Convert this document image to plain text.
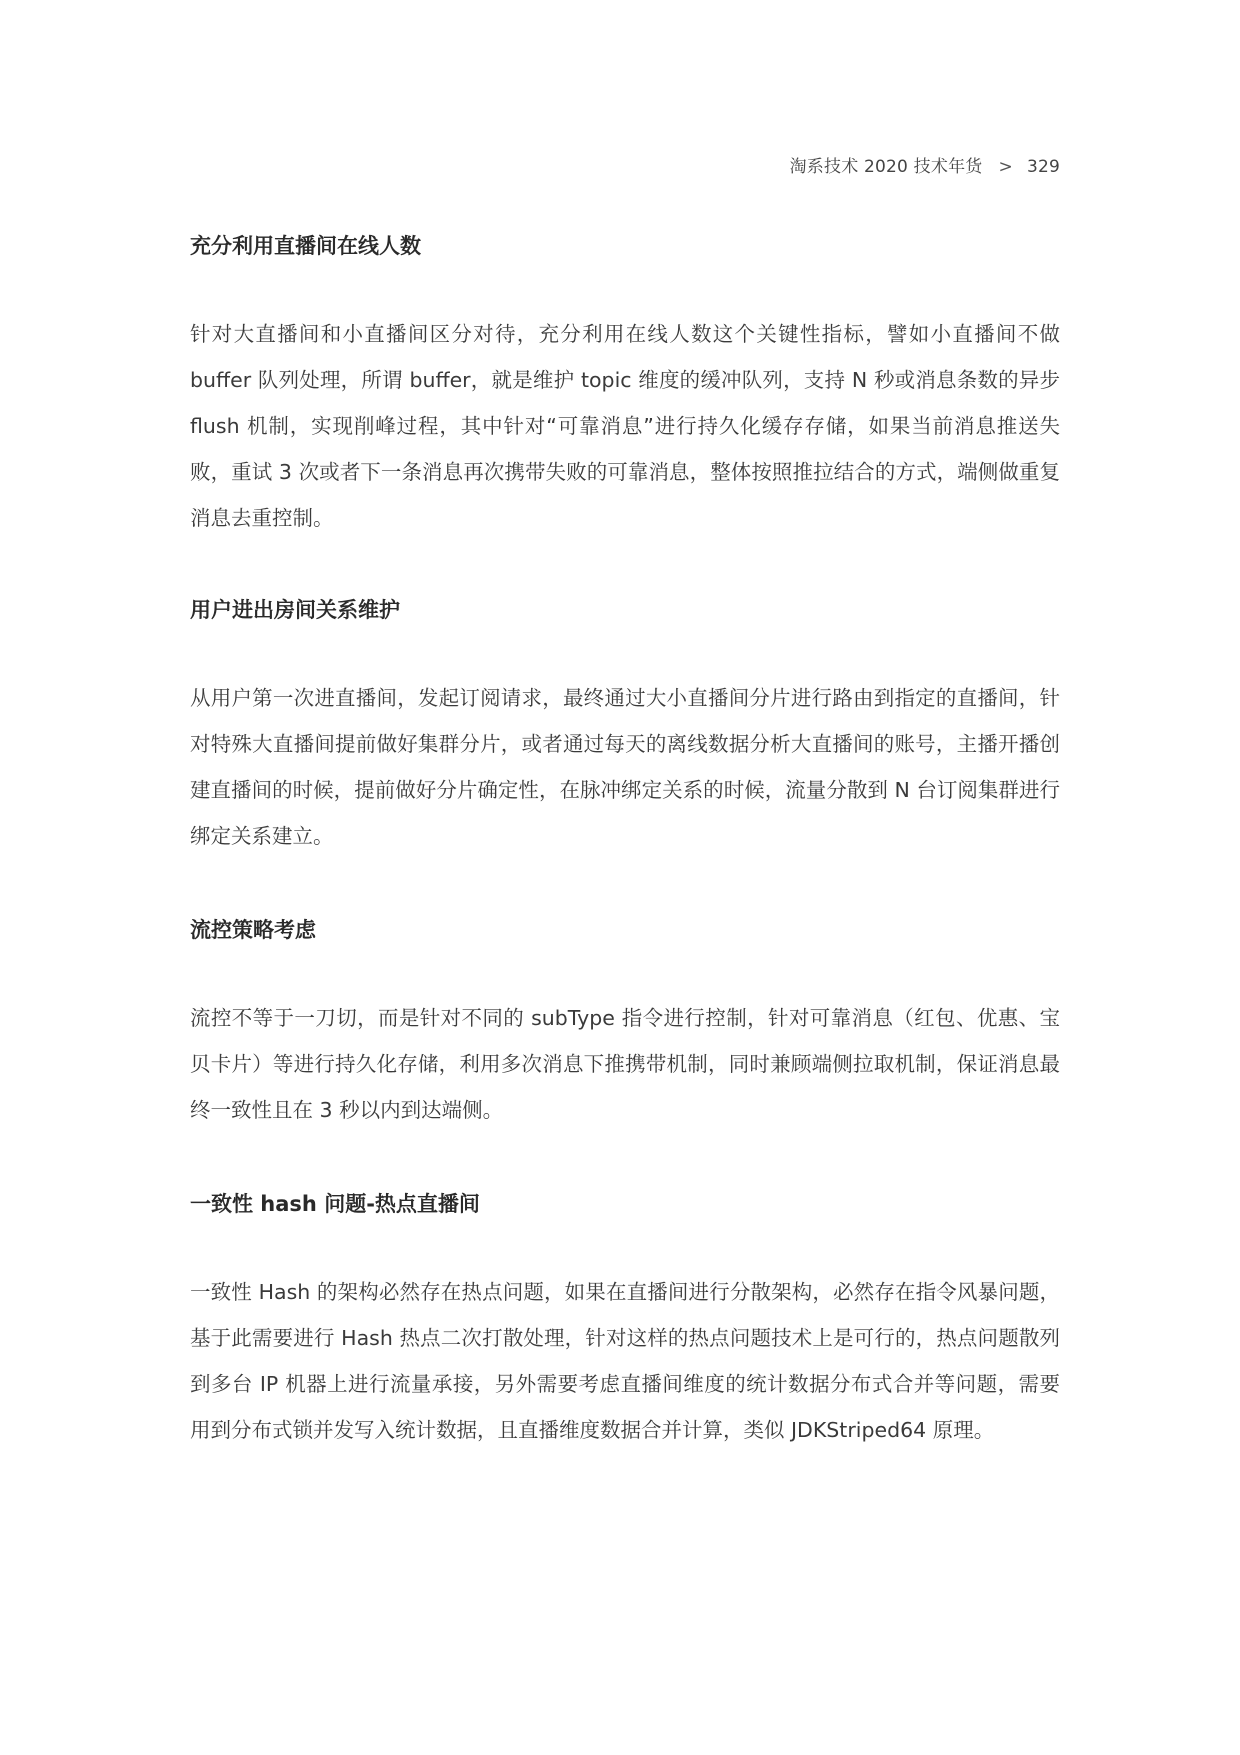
淘系技术 2020 技术年货 > 329
充分利用直播间在线人数

针对大直播间和小直播间区分对待，充分利用在线人数这个关键性指标，譬如小直播间不做 buffer 队列处理，所谓 buffer，就是维护 topic 维度的缓冲队列，支持 N 秒或消息条数的异步 flush 机制，实现削峰过程，其中针对“可靠消息”进行持久化缓存存储，如果当前消息推送失败，重试 3 次或者下一条消息再次携带失败的可靠消息，整体按照推拉结合的方式，端侧做重复消息去重控制。

用户进出房间关系维护

从用户第一次进直播间，发起订阅请求，最终通过大小直播间分片进行路由到指定的直播间，针对特殊大直播间提前做好集群分片，或者通过每天的离线数据分析大直播间的账号，主播开播创建直播间的时候，提前做好分片确定性，在脉冲绑定关系的时候，流量分散到 N 台订阅集群进行绑定关系建立。

流控策略考虑

流控不等于一刀切，而是针对不同的 subType 指令进行控制，针对可靠消息（红包、优惠、宝贝卡片）等进行持久化存储，利用多次消息下推携带机制，同时兼顾端侧拉取机制，保证消息最终一致性且在 3 秒以内到达端侧。

一致性 hash 问题-热点直播间

一致性 Hash 的架构必然存在热点问题，如果在直播间进行分散架构，必然存在指令风暴问题，基于此需要进行 Hash 热点二次打散处理，针对这样的热点问题技术上是可行的，热点问题散列到多台 IP 机器上进行流量承接，另外需要考虑直播间维度的统计数据分布式合并等问题，需要用到分布式锁并发写入统计数据，且直播维度数据合并计算，类似 JDKStriped64 原理。
